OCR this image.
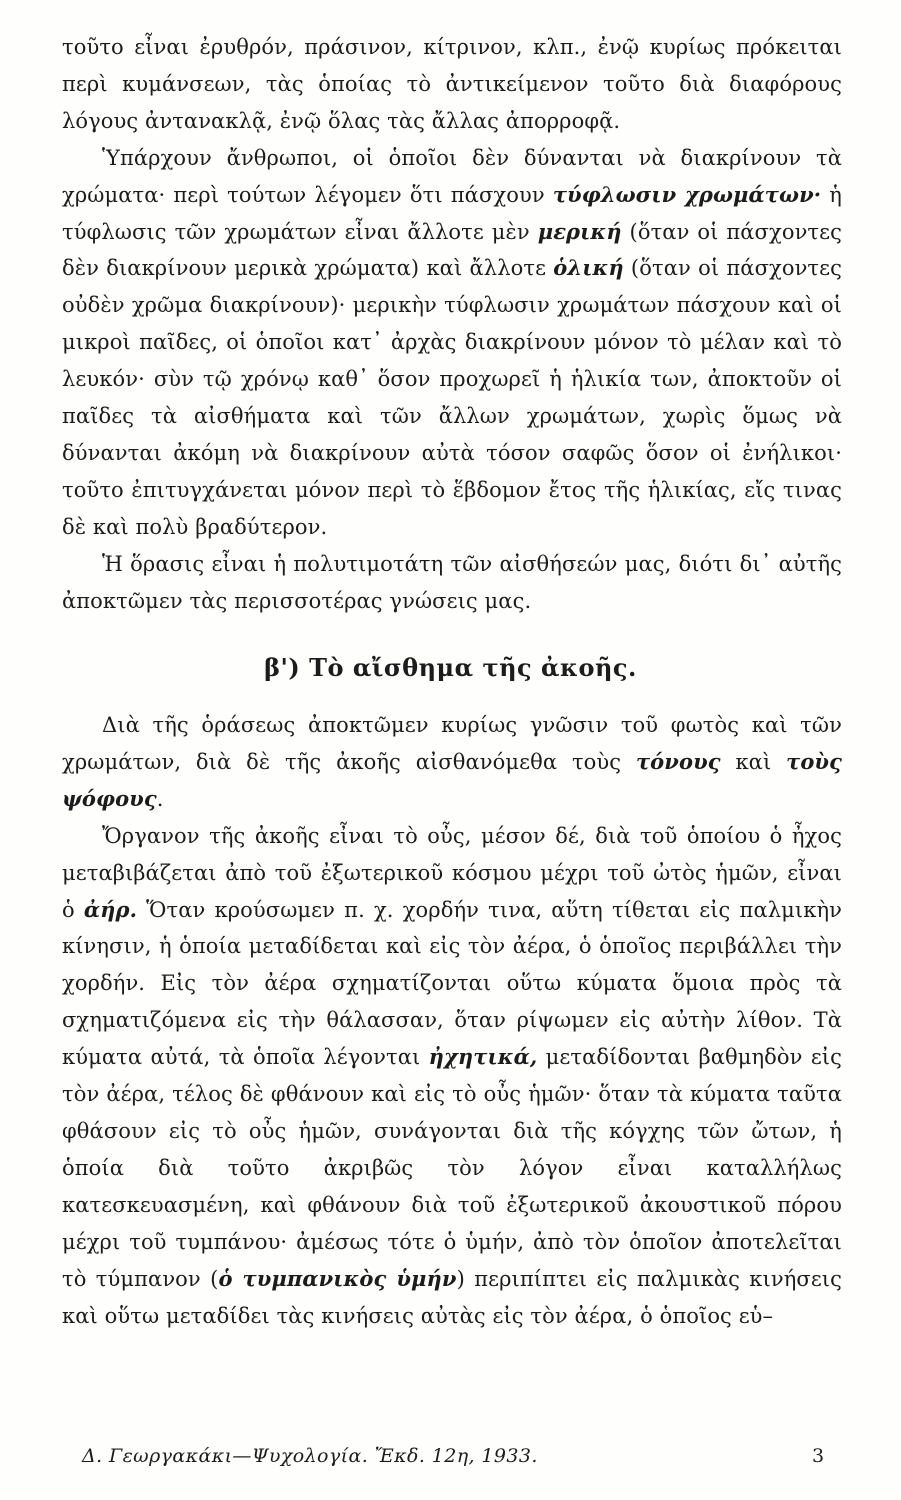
τοῦτο εἶναι ἐρυθρόν, πράσινον, κίτρινον, κλπ., ἐνῷ κυρίως πρόκειται περὶ κυμάνσεων, τὰς ὁποίας τὸ ἀντικείμενον τοῦτο διὰ διαφόρους λόγους ἀντανακλᾷ, ἐνῷ ὅλας τὰς ἄλλας ἀπορροφᾷ.

Ὑπάρχουν ἄνθρωποι, οἱ ὁποῖοι δὲν δύνανται νὰ διακρίνουν τὰ χρώματα· περὶ τούτων λέγομεν ὅτι πάσχουν τύφλωσιν χρωμάτων· ἡ τύφλωσις τῶν χρωμάτων εἶναι ἄλλοτε μὲν μερική (ὅταν οἱ πάσχοντες δὲν διακρίνουν μερικὰ χρώματα) καὶ ἄλλοτε ὁλική (ὅταν οἱ πάσχοντες οὐδὲν χρῶμα διακρίνουν)· μερικὴν τύφλωσιν χρωμάτων πάσχουν καὶ οἱ μικροὶ παῖδες, οἱ ὁποῖοι κατ᾽ ἀρχὰς διακρίνουν μόνον τὸ μέλαν καὶ τὸ λευκόν· σὺν τῷ χρόνῳ καθ᾽ ὅσον προχωρεῖ ἡ ἡλικία των, ἀποκτοῦν οἱ παῖδες τὰ αἰσθήματα καὶ τῶν ἄλλων χρωμάτων, χωρὶς ὅμως νὰ δύνανται ἀκόμη νὰ διακρίνουν αὐτὰ τόσον σαφῶς ὅσον οἱ ἐνήλικοι· τοῦτο ἐπιτυγχάνεται μόνον περὶ τὸ ἕβδομον ἔτος τῆς ἡλικίας, εἴς τινας δὲ καὶ πολὺ βραδύτερον.

Ἡ ὅρασις εἶναι ἡ πολυτιμοτάτη τῶν αἰσθήσεών μας, διότι δι᾽ αὐτῆς ἀποκτῶμεν τὰς περισσοτέρας γνώσεις μας.

β') Τὸ αἴσθημα τῆς ἀκοῆς.

Διὰ τῆς ὁράσεως ἀποκτῶμεν κυρίως γνῶσιν τοῦ φωτὸς καὶ τῶν χρωμάτων, διὰ δὲ τῆς ἀκοῆς αἰσθανόμεθα τοὺς τόνους καὶ τοὺς ψόφους.

Ὄργανον τῆς ἀκοῆς εἶναι τὸ οὖς, μέσον δέ, διὰ τοῦ ὁποίου ὁ ἦχος μεταβιβάζεται ἀπὸ τοῦ ἐξωτερικοῦ κόσμου μέχρι τοῦ ὠτὸς ἡμῶν, εἶναι ὁ ἀήρ. Ὅταν κρούσωμεν π. χ. χορδήν τινα, αὕτη τίθεται εἰς παλμικὴν κίνησιν, ἡ ὁποία μεταδίδεται καὶ εἰς τὸν ἀέρα, ὁ ὁποῖος περιβάλλει τὴν χορδήν. Εἰς τὸν ἀέρα σχηματίζονται οὕτω κύματα ὅμοια πρὸς τὰ σχηματιζόμενα εἰς τὴν θάλασσαν, ὅταν ρίψωμεν εἰς αὐτὴν λίθον. Τὰ κύματα αὐτά, τὰ ὁποῖα λέγονται ἠχητικά, μεταδίδονται βαθμηδὸν εἰς τὸν ἀέρα, τέλος δὲ φθάνουν καὶ εἰς τὸ οὖς ἡμῶν· ὅταν τὰ κύματα ταῦτα φθάσουν εἰς τὸ οὖς ἡμῶν, συνάγονται διὰ τῆς κόγχης τῶν ὤτων, ἡ ὁποία διὰ τοῦτο ἀκριβῶς τὸν λόγον εἶναι καταλλήλως κατεσκευασμένη, καὶ φθάνουν διὰ τοῦ ἐξωτερικοῦ ἀκουστικοῦ πόρου μέχρι τοῦ τυμπάνου· ἀμέσως τότε ὁ ὑμήν, ἀπὸ τὸν ὁποῖον ἀποτελεῖται τὸ τύμπανον (ὁ τυμπανικὸς ὑμήν) περιπίπτει εἰς παλμικὰς κινήσεις καὶ οὕτω μεταδίδει τὰς κινήσεις αὐτὰς εἰς τὸν ἀέρα, ὁ ὁποῖος εὑ–

Δ. Γεωργακάκι—Ψυχολογία. Ἔκδ. 12η, 1933.	3
